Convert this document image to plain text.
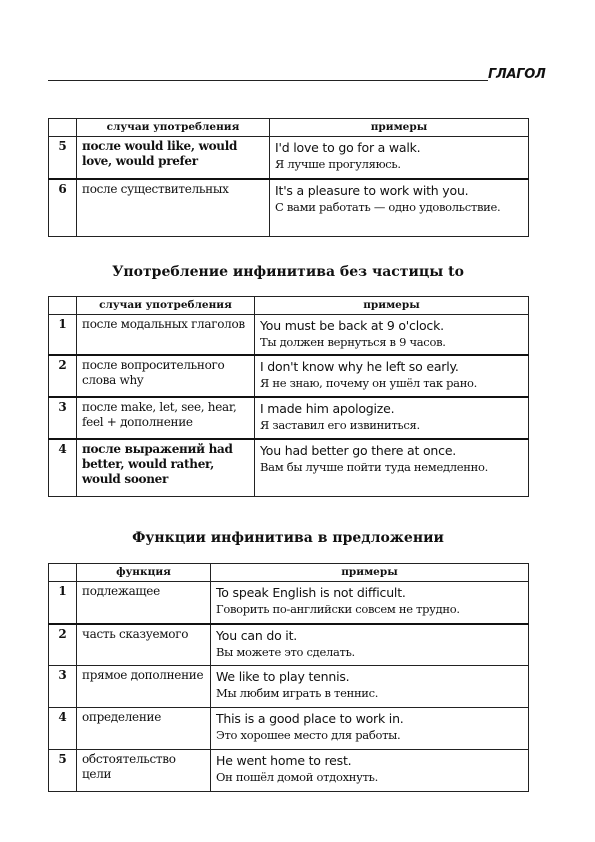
ГЛАГОЛ
	случаи употребления	примеры
5	после would like, would love, would prefer	I'd love to go for a walk.
Я лучше прогуляюсь.

6	после существительных	It's a pleasure to work with you.
С вами работать — одно удовольствие.
Употребление инфинитива без частицы to
	случаи употребления	примеры
1	после модальных глаголов	You must be back at 9 o'clock.
Ты должен вернуться в 9 часов.

2	после вопросительного слова why	I don't know why he left so early.
Я не знаю, почему он ушёл так рано.

3	после make, let, see, hear, feel + дополнение	I made him apologize.
Я заставил его извиниться.

4	после выражений had better, would rather, would sooner	You had better go there at once.
Вам бы лучше пойти туда немедленно.
Функции инфинитива в предложении
	функция	примеры
1	подлежащее	To speak English is not difficult.
Говорить по-английски совсем не трудно.

2	часть сказуемого	You can do it.
Вы можете это сделать.

3	прямое дополнение	We like to play tennis.
Мы любим играть в теннис.

4	определение	This is a good place to work in.
Это хорошее место для работы.

5	обстоятельство цели	He went home to rest.
Он пошёл домой отдохнуть.
